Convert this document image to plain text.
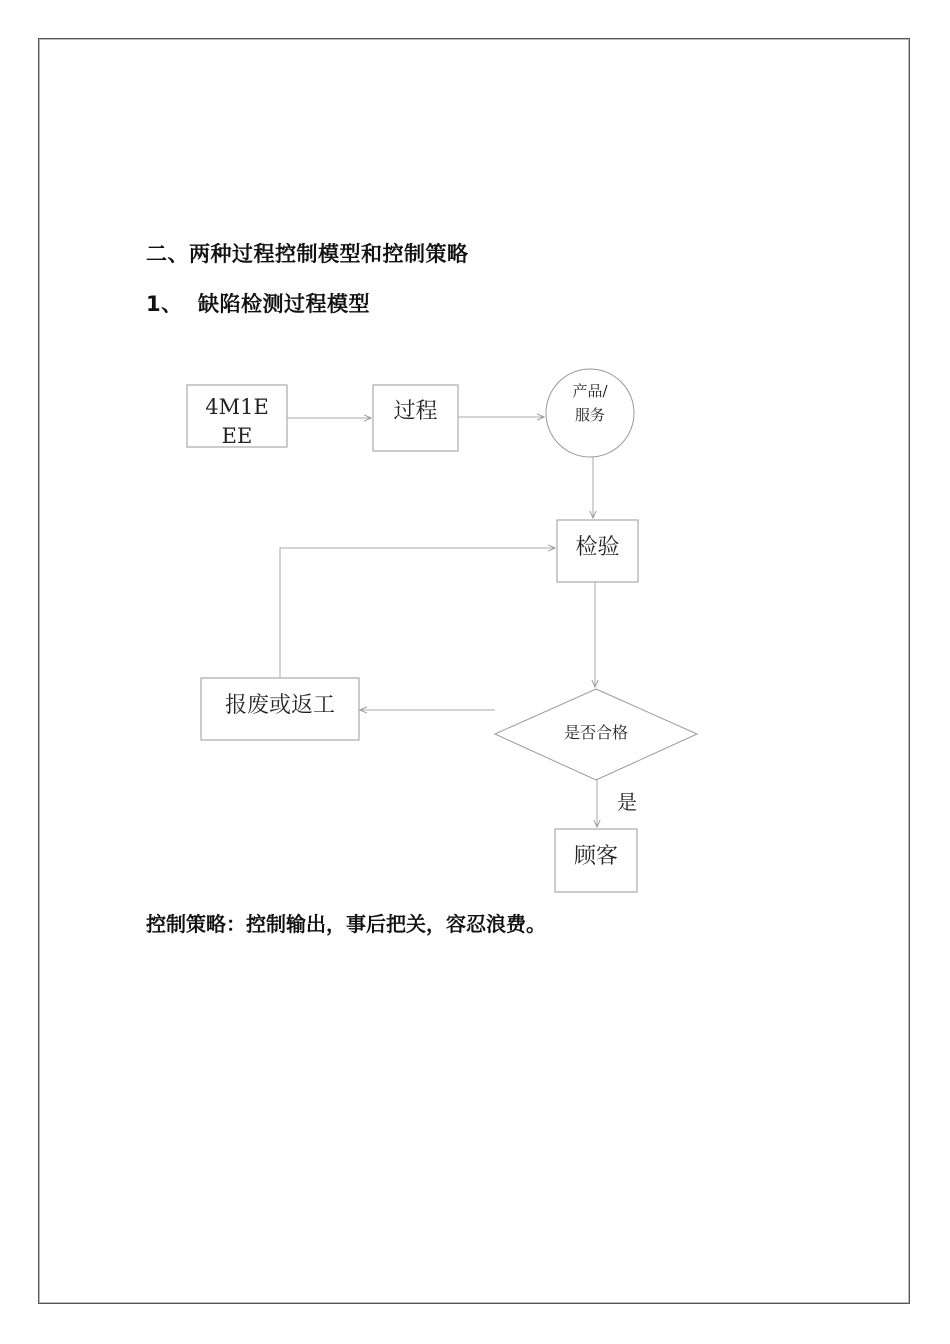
二、两种过程控制模型和控制策略
1、 缺陷检测过程模型
4M1E
EE
过程
产品/
服务
检验
报废或返工
是否合格
是
顾客
控制策略：控制输出，事后把关，容忍浪费。
